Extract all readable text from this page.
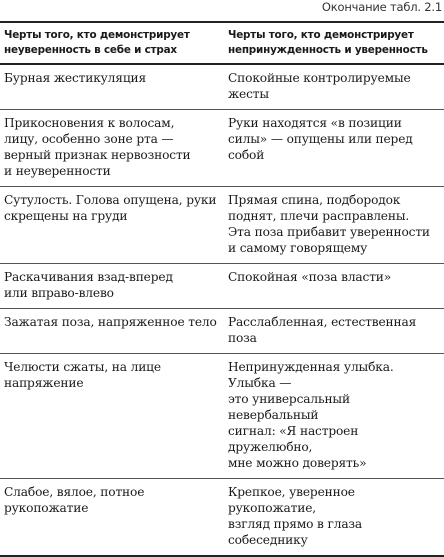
Окончание табл. 2.1
Черты того, кто демонстрирует
неуверенность в себе и страх	Черты того, кто демонстрирует
непринужденность и уверенность

Бурная жестикуляция	Спокойные контролируемые
жесты

Прикосновения к волосам,
лицу, особенно зоне рта —
верный признак нервозности
и неуверенности	Руки находятся «в позиции
силы» — опущены или перед
собой

Сутулость. Голова опущена, руки
скрещены на груди	Прямая спина, подбородок
поднят, плечи расправлены.
Эта поза прибавит уверенности
и самому говорящему

Раскачивания взад-вперед
или вправо-влево	Спокойная «поза власти»

Зажатая поза, напряженное тело	Расслабленная, естественная поза

Челюсти сжаты, на лице
напряжение	Непринужденная улыбка. Улыбка —
это универсальный невербальный
сигнал: «Я настроен дружелюбно,
мне можно доверять»

Слабое, вялое, потное
рукопожатие	Крепкое, уверенное рукопожатие,
взгляд прямо в глаза собеседнику
